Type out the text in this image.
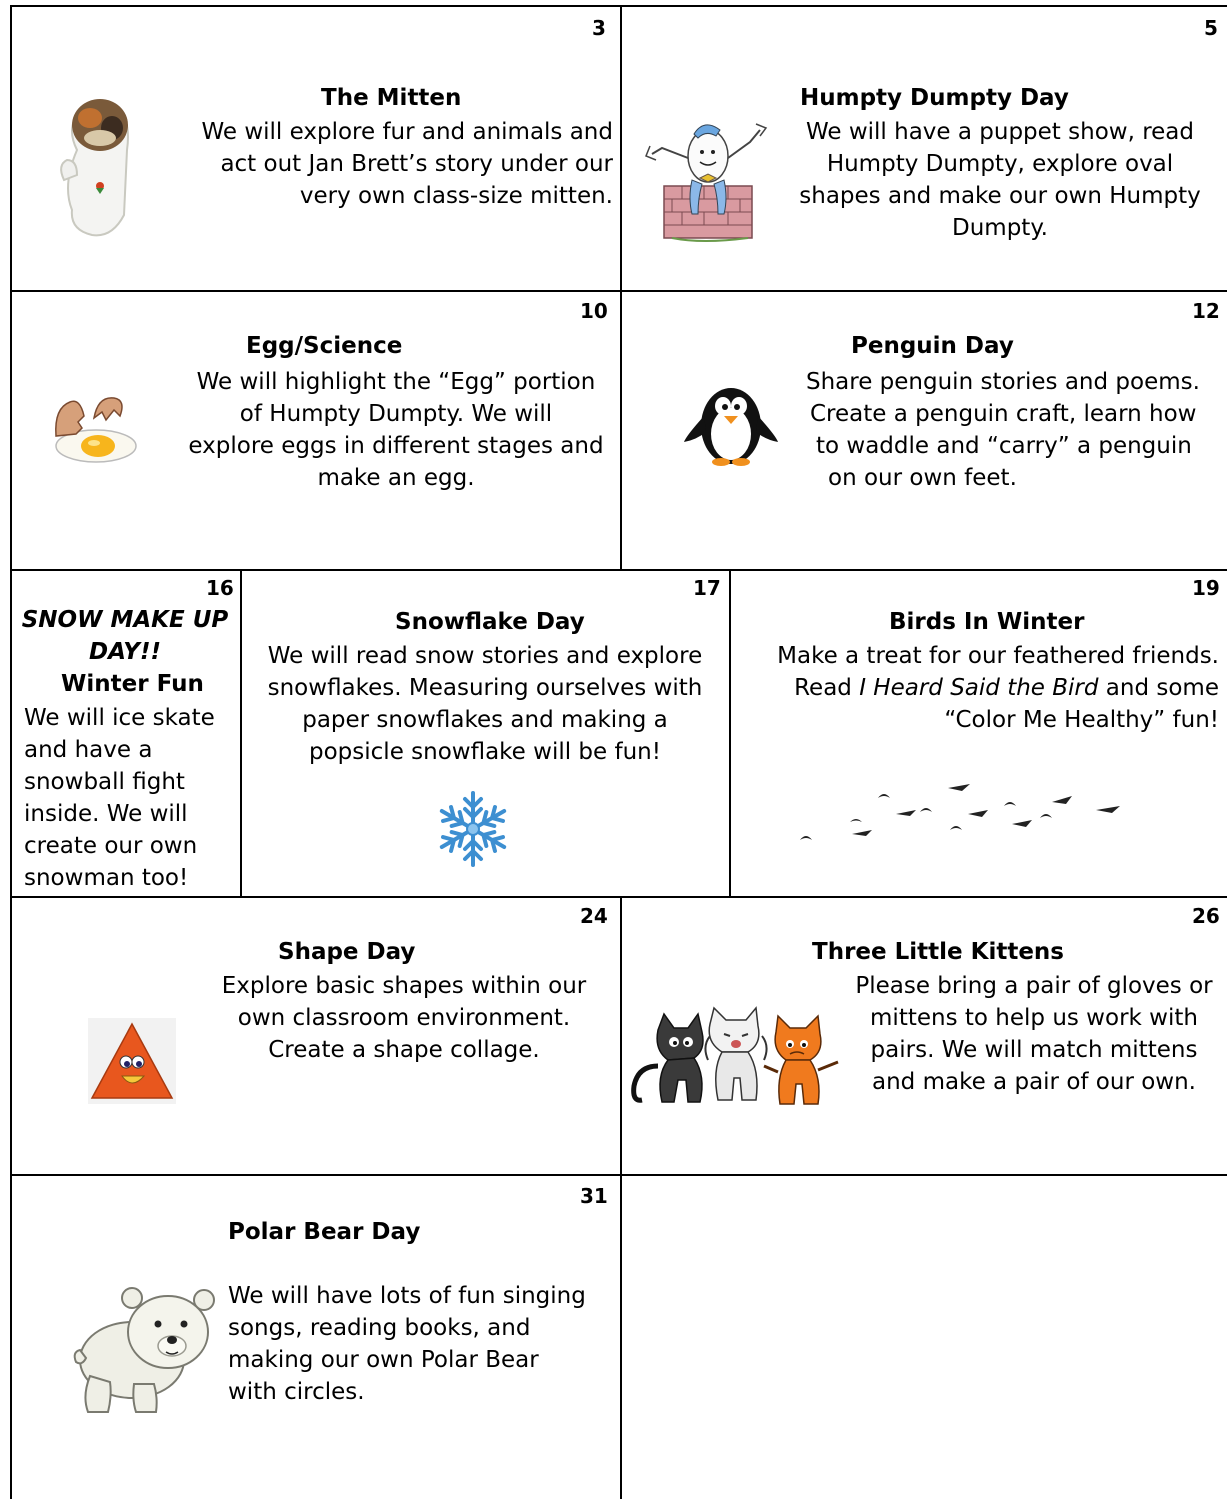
3
The Mitten
We will explore fur and animals and
act out Jan Brett’s story under our
very own class-size mitten.
5
Humpty Dumpty Day
We will have a puppet show, read
Humpty Dumpty, explore oval
shapes and make our own Humpty
Dumpty.
10
Egg/Science
We will highlight the “Egg” portion
of Humpty Dumpty. We will
explore eggs in different stages and
make an egg.
12
Penguin Day
Share penguin stories and poems.
Create a penguin craft, learn how
to waddle and “carry” a penguin
on our own feet.
16
SNOW MAKE UP
DAY!!
Winter Fun
We will ice skate
and have a
snowball fight
inside. We will
create our own
snowman too!
17
Snowflake Day
We will read snow stories and explore
snowflakes. Measuring ourselves with
paper snowflakes and making a
popsicle snowflake will be fun!
19
Birds In Winter
Make a treat for our feathered friends.
Read I Heard Said the Bird and some
“Color Me Healthy” fun!
24
Shape Day
Explore basic shapes within our
own classroom environment.
Create a shape collage.
26
Three Little Kittens
Please bring a pair of gloves or
mittens to help us work with
pairs. We will match mittens
and make a pair of our own.
31
Polar Bear Day
We will have lots of fun singing
songs, reading books, and
making our own Polar Bear
with circles.
